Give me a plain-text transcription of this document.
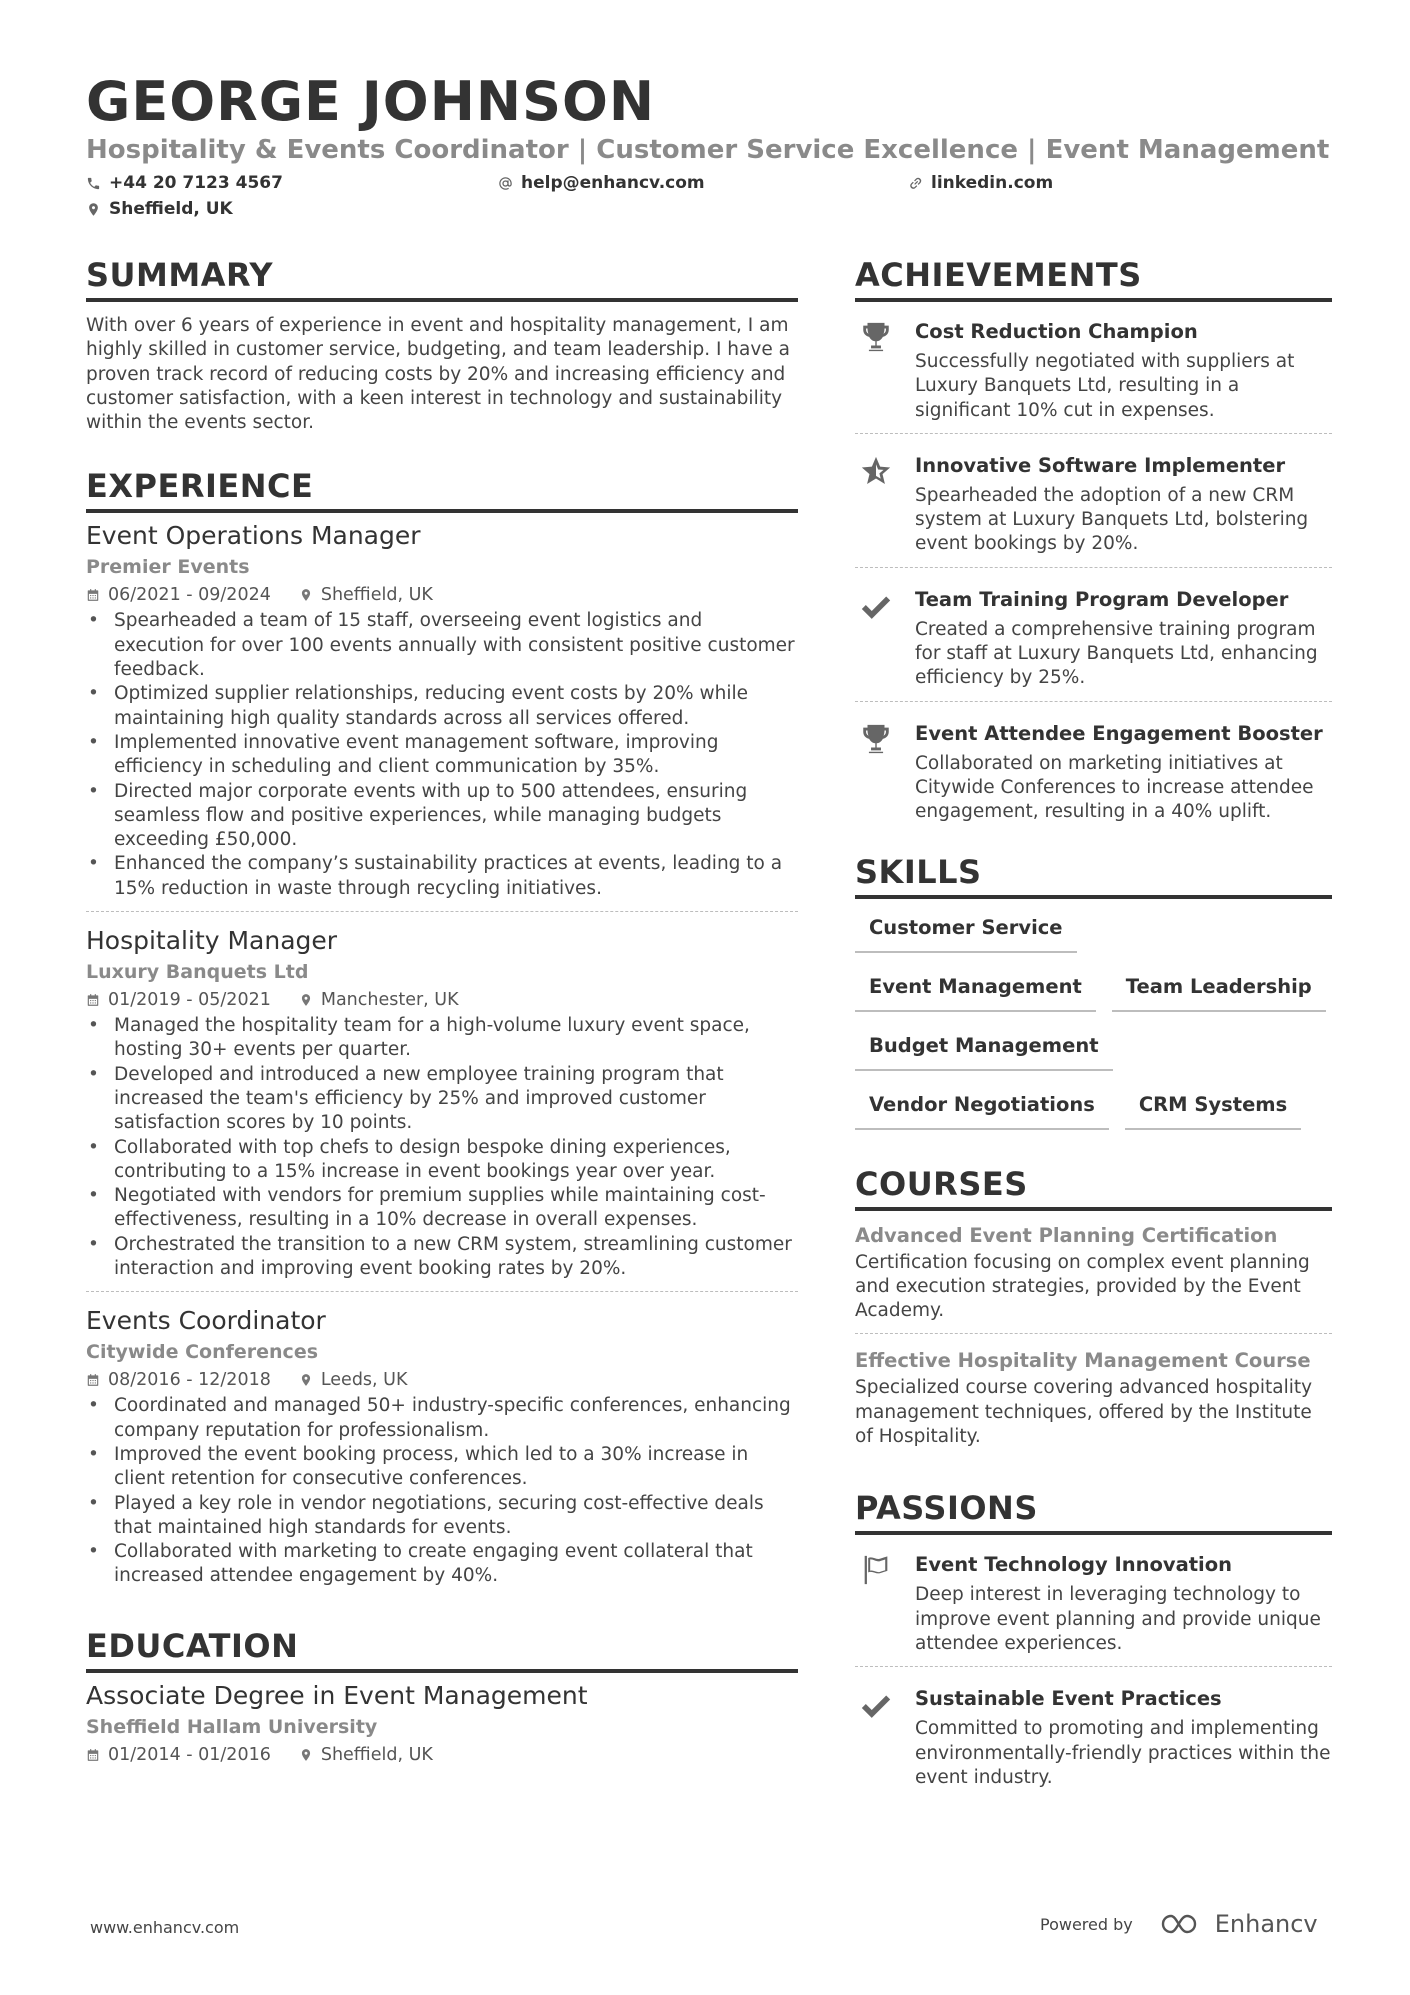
GEORGE JOHNSON
Hospitality & Events Coordinator | Customer Service Excellence | Event Management
+44 20 7123 4567	help@enhancv.com	linkedin.com
Sheffield, UK
SUMMARY
With over 6 years of experience in event and hospitality management, I am highly skilled in customer service, budgeting, and team leadership. I have a proven track record of reducing costs by 20% and increasing efficiency and customer satisfaction, with a keen interest in technology and sustainability within the events sector.
EXPERIENCE
Event Operations Manager
Premier Events
06/2021 - 09/2024	Sheffield, UK
• Spearheaded a team of 15 staff, overseeing event logistics and execution for over 100 events annually with consistent positive customer feedback.
• Optimized supplier relationships, reducing event costs by 20% while maintaining high quality standards across all services offered.
• Implemented innovative event management software, improving efficiency in scheduling and client communication by 35%.
• Directed major corporate events with up to 500 attendees, ensuring seamless flow and positive experiences, while managing budgets exceeding £50,000.
• Enhanced the company’s sustainability practices at events, leading to a 15% reduction in waste through recycling initiatives.
Hospitality Manager
Luxury Banquets Ltd
01/2019 - 05/2021	Manchester, UK
• Managed the hospitality team for a high-volume luxury event space, hosting 30+ events per quarter.
• Developed and introduced a new employee training program that increased the team's efficiency by 25% and improved customer satisfaction scores by 10 points.
• Collaborated with top chefs to design bespoke dining experiences, contributing to a 15% increase in event bookings year over year.
• Negotiated with vendors for premium supplies while maintaining cost-effectiveness, resulting in a 10% decrease in overall expenses.
• Orchestrated the transition to a new CRM system, streamlining customer interaction and improving event booking rates by 20%.
Events Coordinator
Citywide Conferences
08/2016 - 12/2018	Leeds, UK
• Coordinated and managed 50+ industry-specific conferences, enhancing company reputation for professionalism.
• Improved the event booking process, which led to a 30% increase in client retention for consecutive conferences.
• Played a key role in vendor negotiations, securing cost-effective deals that maintained high standards for events.
• Collaborated with marketing to create engaging event collateral that increased attendee engagement by 40%.
EDUCATION
Associate Degree in Event Management
Sheffield Hallam University
01/2014 - 01/2016	Sheffield, UK
ACHIEVEMENTS
Cost Reduction Champion
Successfully negotiated with suppliers at Luxury Banquets Ltd, resulting in a significant 10% cut in expenses.
Innovative Software Implementer
Spearheaded the adoption of a new CRM system at Luxury Banquets Ltd, bolstering event bookings by 20%.
Team Training Program Developer
Created a comprehensive training program for staff at Luxury Banquets Ltd, enhancing efficiency by 25%.
Event Attendee Engagement Booster
Collaborated on marketing initiatives at Citywide Conferences to increase attendee engagement, resulting in a 40% uplift.
SKILLS
Customer Service
Event Management	Team Leadership
Budget Management
Vendor Negotiations	CRM Systems
COURSES
Advanced Event Planning Certification
Certification focusing on complex event planning and execution strategies, provided by the Event Academy.
Effective Hospitality Management Course
Specialized course covering advanced hospitality management techniques, offered by the Institute of Hospitality.
PASSIONS
Event Technology Innovation
Deep interest in leveraging technology to improve event planning and provide unique attendee experiences.
Sustainable Event Practices
Committed to promoting and implementing environmentally-friendly practices within the event industry.
www.enhancv.com	Powered by	Enhancv
